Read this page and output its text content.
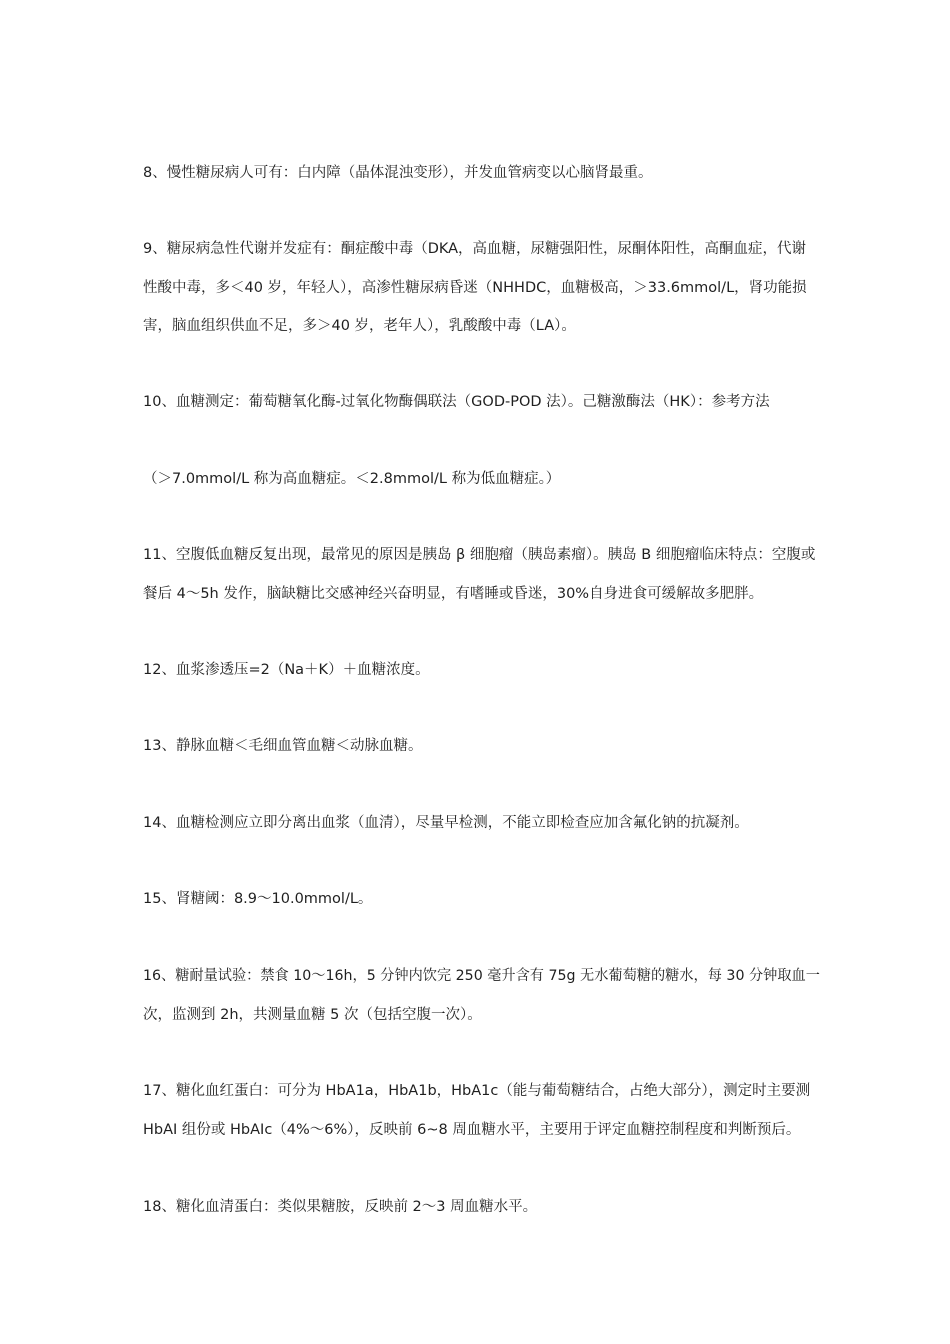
8、慢性糖尿病人可有：白内障（晶体混浊变形），并发血管病变以心脑肾最重。
9、糖尿病急性代谢并发症有：酮症酸中毒（DKA，高血糖，尿糖强阳性，尿酮体阳性，高酮血症，代谢
性酸中毒，多＜40 岁，年轻人），高渗性糖尿病昏迷（NHHDC，血糖极高，＞33.6mmol/L，肾功能损
害，脑血组织供血不足，多＞40 岁，老年人），乳酸酸中毒（LA）。
10、血糖测定：葡萄糖氧化酶-过氧化物酶偶联法（GOD-POD 法）。己糖激酶法（HK）：参考方法
（＞7.0mmol/L 称为高血糖症。＜2.8mmol/L 称为低血糖症。）
11、空腹低血糖反复出现，最常见的原因是胰岛 β 细胞瘤（胰岛素瘤）。胰岛 B 细胞瘤临床特点：空腹或
餐后 4～5h 发作，脑缺糖比交感神经兴奋明显，有嗜睡或昏迷，30%自身进食可缓解故多肥胖。
12、血浆渗透压=2（Na＋K）＋血糖浓度。
13、静脉血糖＜毛细血管血糖＜动脉血糖。
14、血糖检测应立即分离出血浆（血清），尽量早检测，不能立即检查应加含氟化钠的抗凝剂。
15、肾糖阈：8.9～10.0mmol/L。
16、糖耐量试验：禁食 10～16h，5 分钟内饮完 250 毫升含有 75g 无水葡萄糖的糖水，每 30 分钟取血一
次，监测到 2h，共测量血糖 5 次（包括空腹一次）。
17、糖化血红蛋白：可分为 HbA1a，HbA1b，HbA1c（能与葡萄糖结合，占绝大部分），测定时主要测
HbAI 组份或 HbAIc（4%～6%），反映前 6~8 周血糖水平，主要用于评定血糖控制程度和判断预后。
18、糖化血清蛋白：类似果糖胺，反映前 2～3 周血糖水平。
